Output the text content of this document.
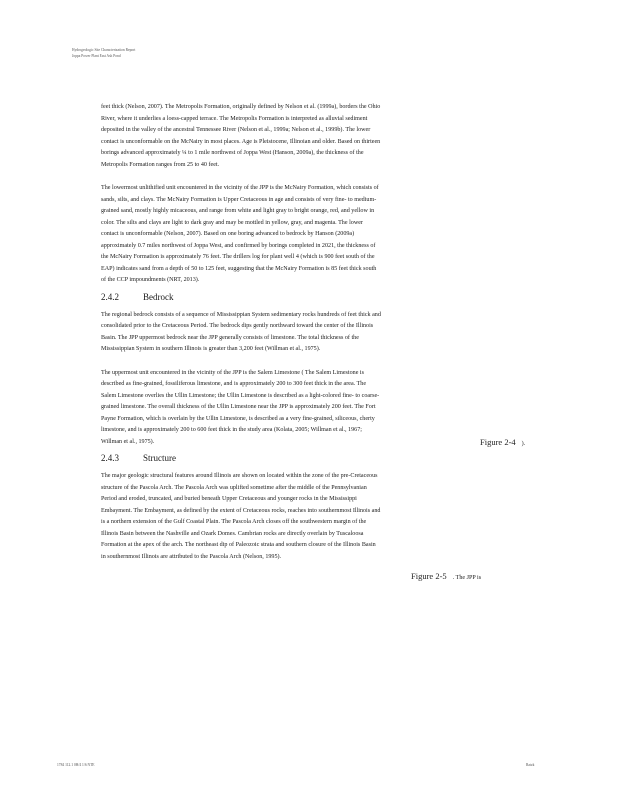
Hydrogeologic Site Characterization Report
Joppa Power Plant East Ash Pond

feet thick (Nelson, 2007). The Metropolis Formation, originally defined by Nelson et al. (1999a), borders the Ohio River, where it underlies a loess-capped terrace. The Metropolis Formation is interpreted as alluvial sediment deposited in the valley of the ancestral Tennessee River (Nelson et al., 1999a; Nelson et al., 1999b). The lower contact is unconformable on the McNairy in most places. Age is Pleistocene, Illinoian and older. Based on thirteen borings advanced approximately ¼ to 1 mile northwest of Joppa West (Hanson, 2009a), the thickness of the Metropolis Formation ranges from 25 to 40 feet.

The lowermost unlithified unit encountered in the vicinity of the JPP is the McNairy Formation, which consists of sands, silts, and clays. The McNairy Formation is Upper Cretaceous in age and consists of very fine- to medium-grained sand, mostly highly micaceous, and range from white and light gray to bright orange, red, and yellow in color. The silts and clays are light to dark gray and may be mottled in yellow, gray, and magenta. The lower contact is unconformable (Nelson, 2007). Based on one boring advanced to bedrock by Hanson (2009a) approximately 0.7 miles northwest of Joppa West, and confirmed by borings completed in 2021, the thickness of the McNairy Formation is approximately 76 feet. The drillers log for plant well 4 (which is 900 feet south of the EAP) indicates sand from a depth of 50 to 125 feet, suggesting that the McNairy Formation is 85 feet thick south of the CCP impoundments (NRT, 2013).

2.4.2	Bedrock

The regional bedrock consists of a sequence of Mississippian System sedimentary rocks hundreds of feet thick and consolidated prior to the Cretaceous Period. The bedrock dips gently northward toward the center of the Illinois Basin. The JPP uppermost bedrock near the JPP generally consists of limestone. The total thickness of the Mississippian System in southern Illinois is greater than 3,200 feet (Willman et al., 1975).

The uppermost unit encountered in the vicinity of the JPP is the Salem Limestone ( The Salem Limestone is described as fine-grained, fossiliferous limestone, and is approximately 200 to 300 feet thick in the area. The Salem Limestone overlies the Ullin Limestone; the Ullin Limestone is described as a light-colored fine- to coarse-grained limestone. The overall thickness of the Ullin Limestone near the JPP is approximately 200 feet. The Fort Payne Formation, which is overlain by the Ullin Limestone, is described as a very fine-grained, siliceous, cherty limestone, and is approximately 200 to 600 feet thick in the study area (Kolata, 2005; Willman et al., 1967; Willman et al., 1975).

2.4.3	Structure

The major geologic structural features around Illinois are shown on located within the zone of the pre-Cretaceous structure of the Pascola Arch. The Pascola Arch was uplifted sometime after the middle of the Pennsylvanian Period and eroded, truncated, and buried beneath Upper Cretaceous and younger rocks in the Mississippi Embayment. The Embayment, as defined by the extent of Cretaceous rocks, reaches into southernmost Illinois and is a northern extension of the Gulf Coastal Plain. The Pascola Arch closes off the southwestern margin of the Illinois Basin between the Nashville and Ozark Domes. Cambrian rocks are directly overlain by Tuscaloosa Formation at the apex of the arch. The northeast dip of Paleozoic strata and southern closure of the Illinois Basin in southernmost Illinois are attributed to the Pascola Arch (Nelson, 1995).

Figure 2-4 ).
Figure 2-5 . The JPP is
1784 112.1 0H/4 1/6 NTE	Ratzk
